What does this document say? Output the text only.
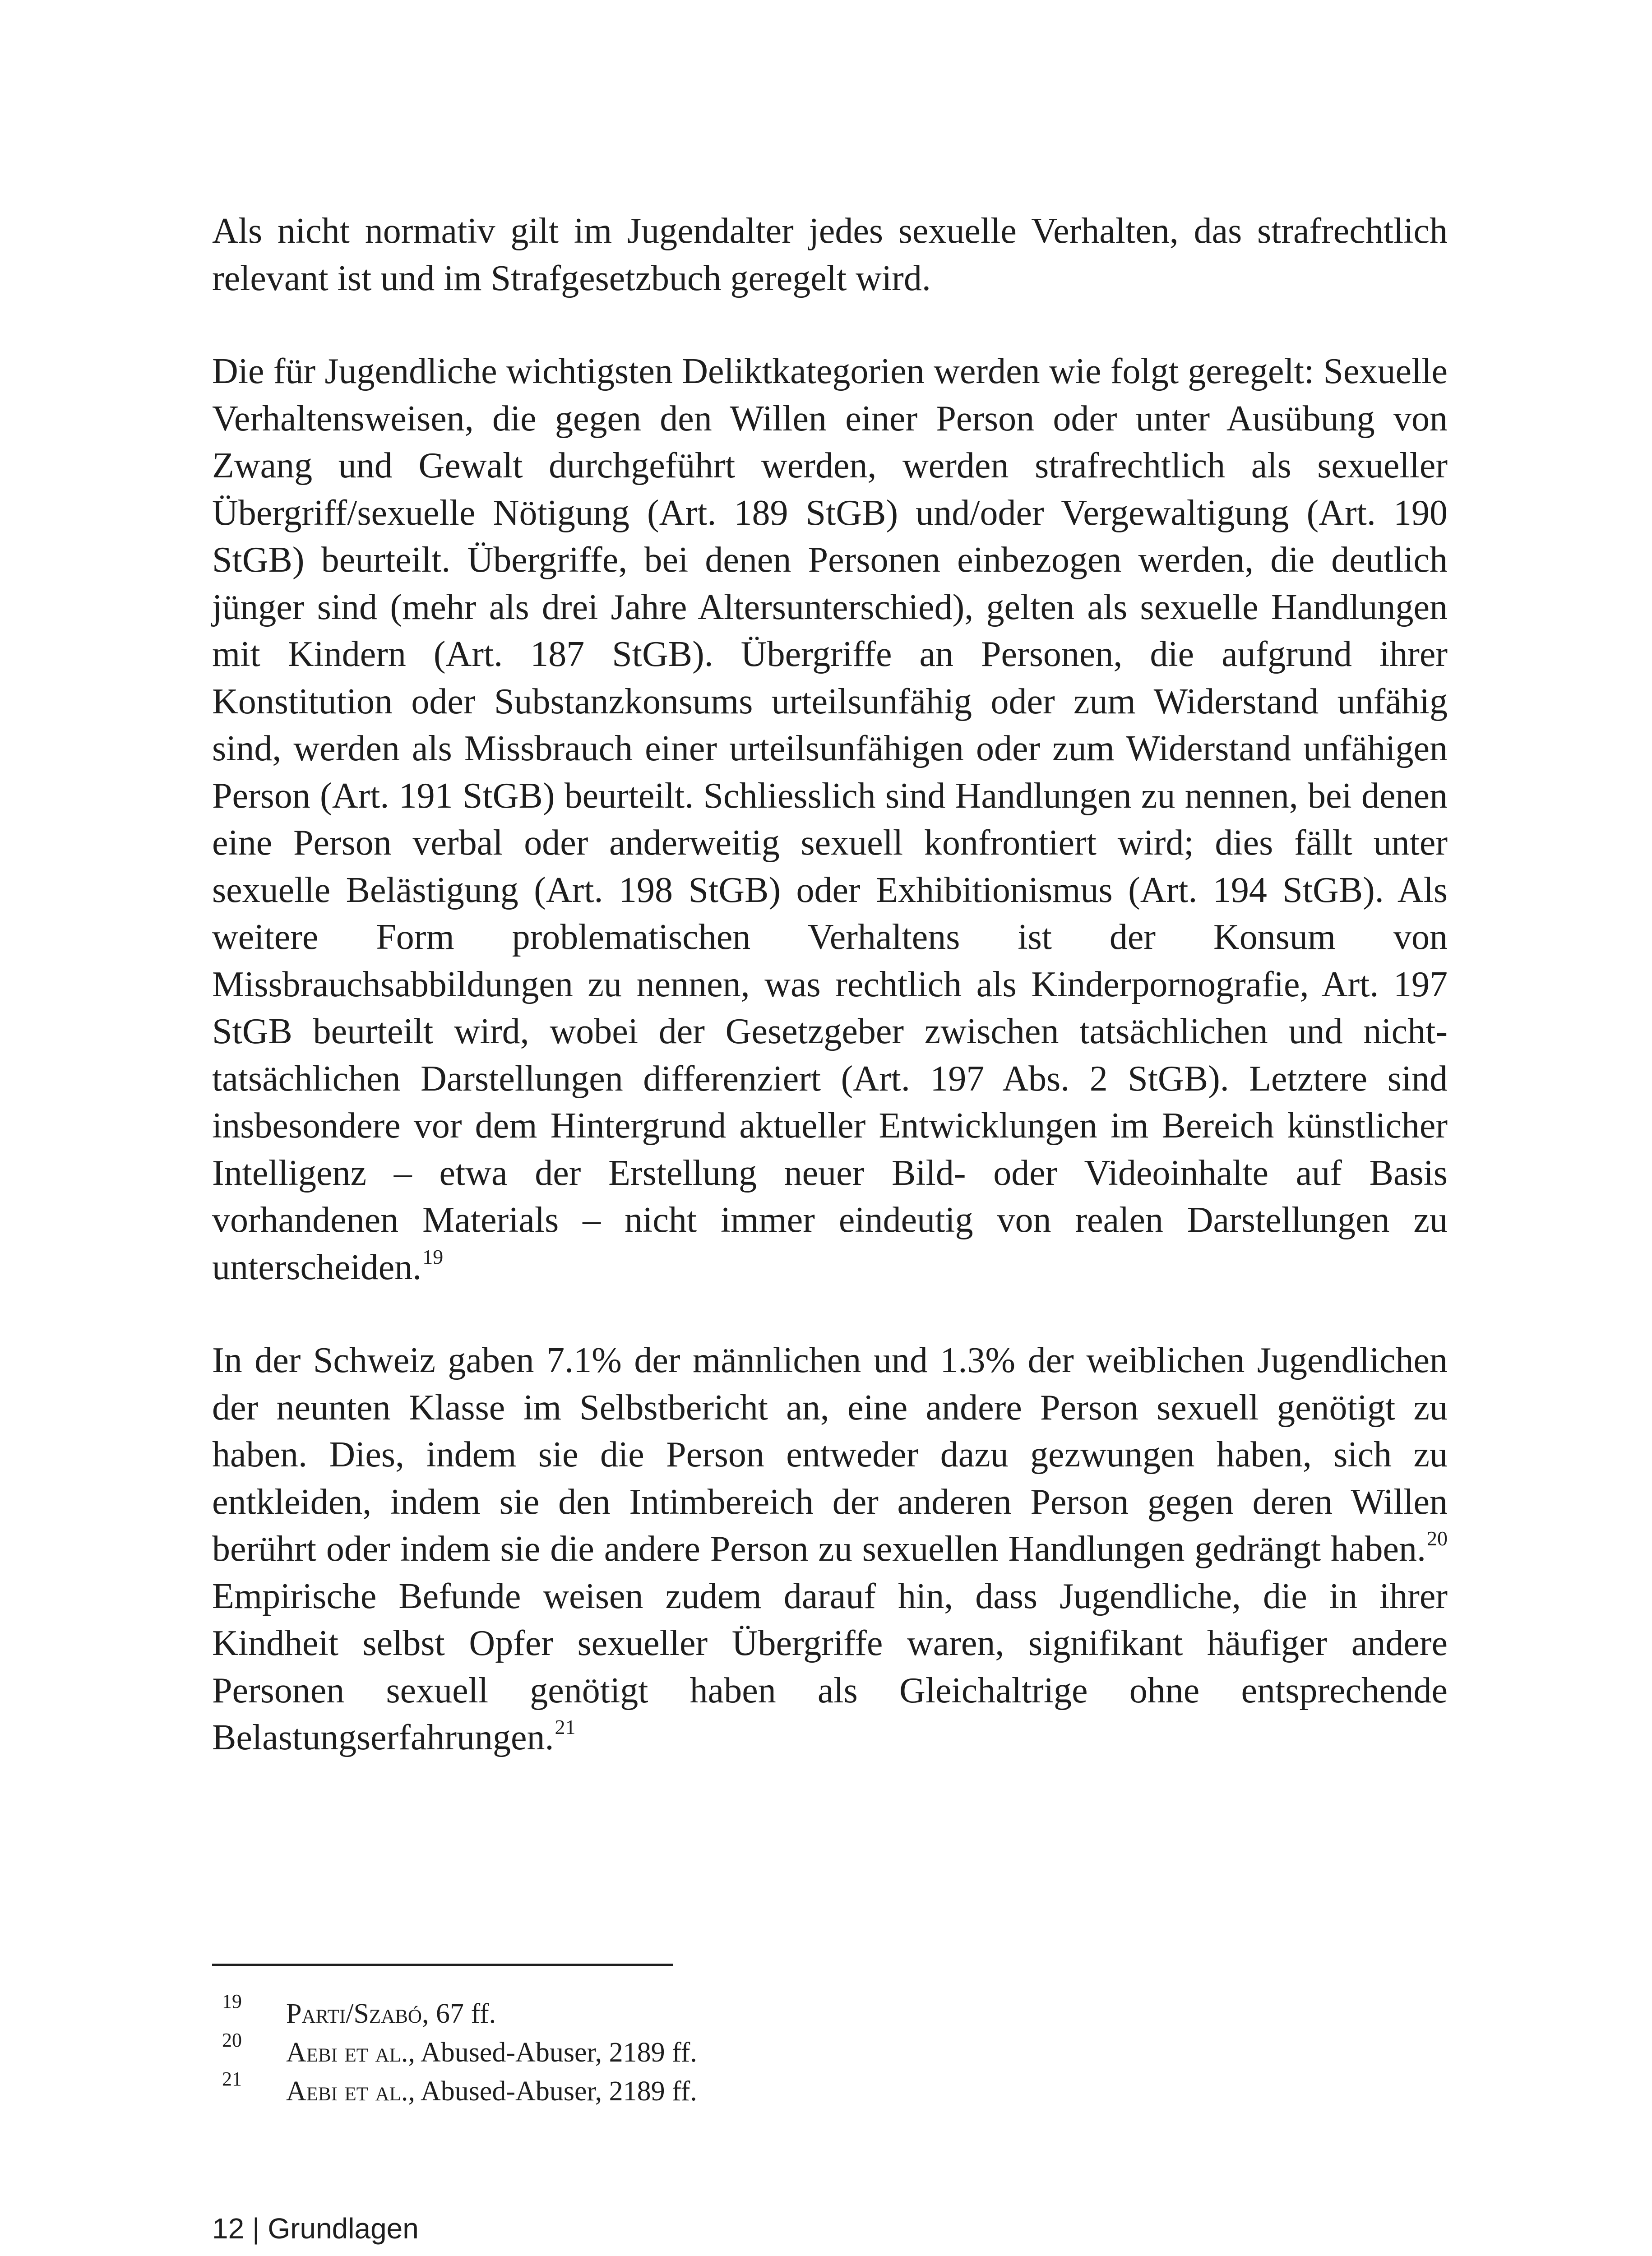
Als nicht normativ gilt im Jugendalter jedes sexuelle Verhalten, das strafrechtlich relevant ist und im Strafgesetzbuch geregelt wird.

Die für Jugendliche wichtigsten Deliktkategorien werden wie folgt geregelt: Sexuelle Verhaltensweisen, die gegen den Willen einer Person oder unter Ausübung von Zwang und Gewalt durchgeführt werden, werden strafrechtlich als sexueller Übergriff/sexuelle Nötigung (Art. 189 StGB) und/oder Vergewaltigung (Art. 190 StGB) beurteilt. Übergriffe, bei denen Personen einbezogen werden, die deutlich jünger sind (mehr als drei Jahre Altersunterschied), gelten als sexuelle Handlungen mit Kindern (Art. 187 StGB). Übergriffe an Personen, die aufgrund ihrer Konstitution oder Substanzkonsums urteilsunfähig oder zum Widerstand unfähig sind, werden als Missbrauch einer urteilsunfähigen oder zum Widerstand unfähigen Person (Art. 191 StGB) beurteilt. Schliesslich sind Handlungen zu nennen, bei denen eine Person verbal oder anderweitig sexuell konfrontiert wird; dies fällt unter sexuelle Belästigung (Art. 198 StGB) oder Exhibitionismus (Art. 194 StGB). Als weitere Form problematischen Verhaltens ist der Konsum von Missbrauchsabbildungen zu nennen, was rechtlich als Kinderpornografie, Art. 197 StGB beurteilt wird, wobei der Gesetzgeber zwischen tatsächlichen und nicht-tatsächlichen Darstellungen differenziert (Art. 197 Abs. 2 StGB). Letztere sind insbesondere vor dem Hintergrund aktueller Entwicklungen im Bereich künstlicher Intelligenz – etwa der Erstellung neuer Bild- oder Videoinhalte auf Basis vorhandenen Materials – nicht immer eindeutig von realen Darstellungen zu unterscheiden.$^{19}$

In der Schweiz gaben 7.1% der männlichen und 1.3% der weiblichen Jugendlichen der neunten Klasse im Selbstbericht an, eine andere Person sexuell genötigt zu haben. Dies, indem sie die Person entweder dazu gezwungen haben, sich zu entkleiden, indem sie den Intimbereich der anderen Person gegen deren Willen berührt oder indem sie die andere Person zu sexuellen Handlungen gedrängt haben.$^{20}$ Empirische Befunde weisen zudem darauf hin, dass Jugendliche, die in ihrer Kindheit selbst Opfer sexueller Übergriffe waren, signifikant häufiger andere Personen sexuell genötigt haben als Gleichaltrige ohne entsprechende Belastungserfahrungen.$^{21}$

19 Parti/Szabó, 67 ff.
20 Aebi et al., Abused-Abuser, 2189 ff.
21 Aebi et al., Abused-Abuser, 2189 ff.
12 | Grundlagen
